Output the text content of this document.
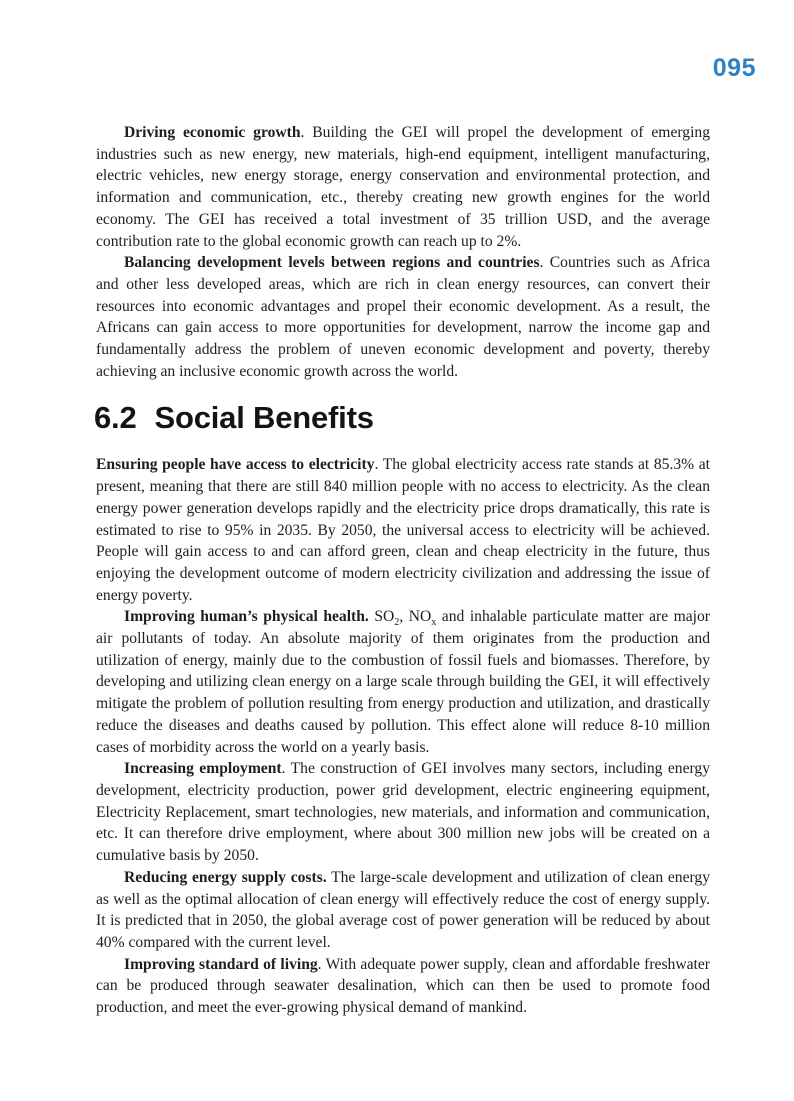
095

Driving economic growth. Building the GEI will propel the development of emerging industries such as new energy, new materials, high-end equipment, intelligent manufacturing, electric vehicles, new energy storage, energy conservation and environmental protection, and information and communication, etc., thereby creating new growth engines for the world economy. The GEI has received a total investment of 35 trillion USD, and the average contribution rate to the global economic growth can reach up to 2%.

Balancing development levels between regions and countries. Countries such as Africa and other less developed areas, which are rich in clean energy resources, can convert their resources into economic advantages and propel their economic development. As a result, the Africans can gain access to more opportunities for development, narrow the income gap and fundamentally address the problem of uneven economic development and poverty, thereby achieving an inclusive economic growth across the world.

6.2 Social Benefits

Ensuring people have access to electricity. The global electricity access rate stands at 85.3% at present, meaning that there are still 840 million people with no access to electricity. As the clean energy power generation develops rapidly and the electricity price drops dramatically, this rate is estimated to rise to 95% in 2035. By 2050, the universal access to electricity will be achieved. People will gain access to and can afford green, clean and cheap electricity in the future, thus enjoying the development outcome of modern electricity civilization and addressing the issue of energy poverty.

Improving human’s physical health. $SO_2$, $NO_x$ and inhalable particulate matter are major air pollutants of today. An absolute majority of them originates from the production and utilization of energy, mainly due to the combustion of fossil fuels and biomasses. Therefore, by developing and utilizing clean energy on a large scale through building the GEI, it will effectively mitigate the problem of pollution resulting from energy production and utilization, and drastically reduce the diseases and deaths caused by pollution. This effect alone will reduce 8-10 million cases of morbidity across the world on a yearly basis.

Increasing employment. The construction of GEI involves many sectors, including energy development, electricity production, power grid development, electric engineering equipment, Electricity Replacement, smart technologies, new materials, and information and communication, etc. It can therefore drive employment, where about 300 million new jobs will be created on a cumulative basis by 2050.

Reducing energy supply costs. The large-scale development and utilization of clean energy as well as the optimal allocation of clean energy will effectively reduce the cost of energy supply. It is predicted that in 2050, the global average cost of power generation will be reduced by about 40% compared with the current level.

Improving standard of living. With adequate power supply, clean and affordable freshwater can be produced through seawater desalination, which can then be used to promote food production, and meet the ever-growing physical demand of mankind.
